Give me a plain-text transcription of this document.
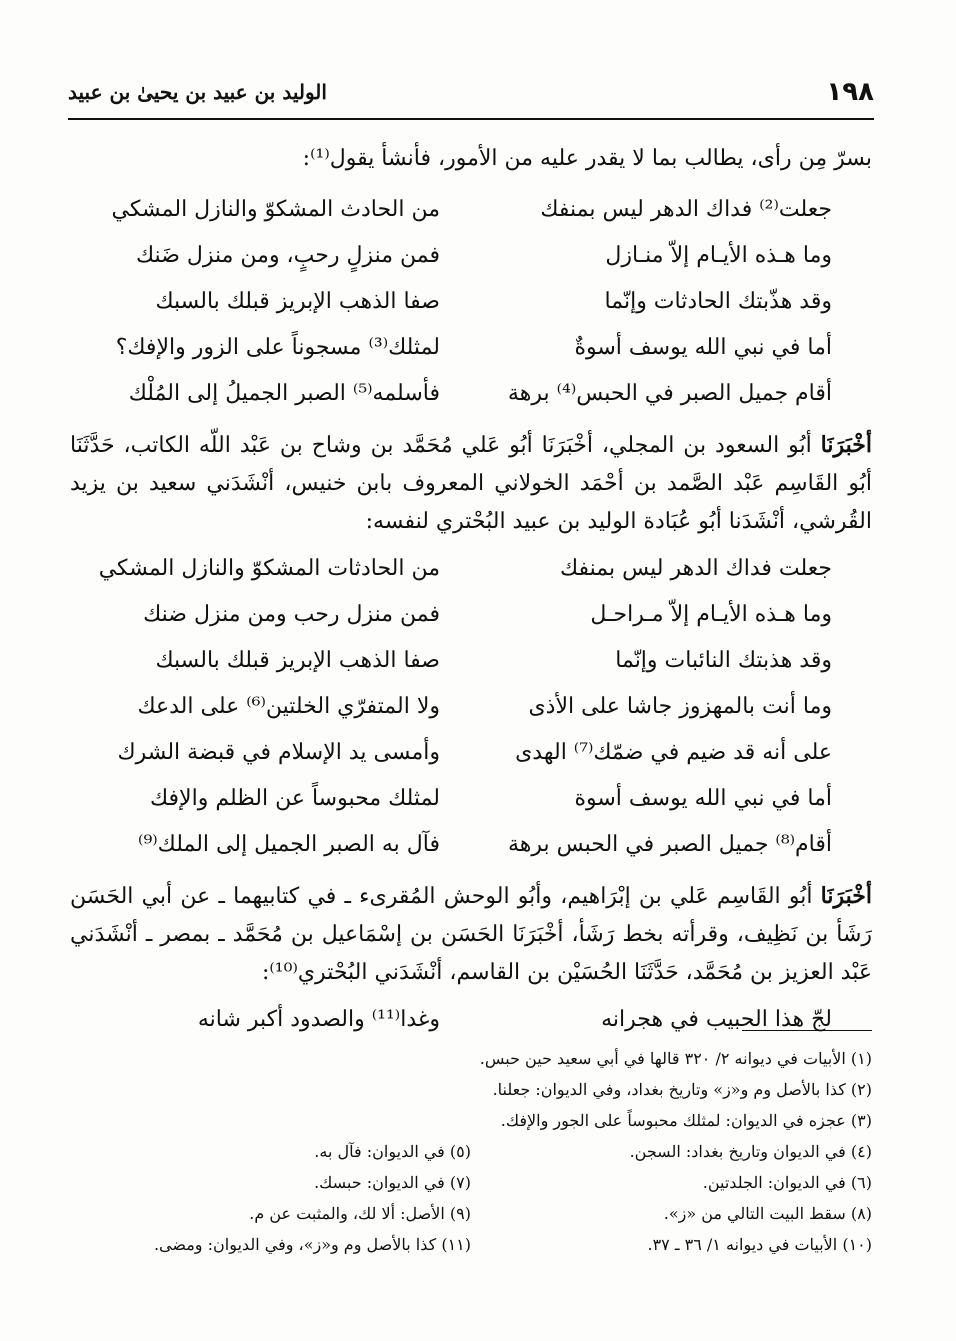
١٩٨
الوليد بن عبيد بن يحيىٰ بن عبيد

بسرّ مِن رأى، يطالب بما لا يقدر عليه من الأمور، فأنشأ يقول⁽¹⁾:

جعلت⁽²⁾ فداك الدهر ليس بمنفك
من الحادث المشكوّ والنازل المشكي
وما هـذه الأيـام إلاّ منـازل
فمن منزلٍ رحبٍ، ومن منزل ضَنك
وقد هذّبتك الحادثات وإنّما
صفا الذهب الإبريز قبلك بالسبك
أما في نبي الله يوسف أسوةٌ
لمثلك⁽³⁾ مسجوناً على الزور والإفك؟
أقام جميل الصبر في الحبس⁽⁴⁾ برهة
فأسلمه⁽⁵⁾ الصبر الجميلُ إلى المُلْك

أخْبَرَنَا أبُو السعود بن المجلي، أخْبَرَنَا أبُو عَلي مُحَمَّد بن وشاح بن عَبْد اللّه الكاتب، حَدَّثَنَا أبُو القَاسِم عَبْد الصَّمد بن أحْمَد الخولاني المعروف بابن خنيس، أنْشَدَني سعيد بن يزيد القُرشي، أنْشَدَنا أبُو عُبَادة الوليد بن عبيد البُحْتري لنفسه:

جعلت فداك الدهر ليس بمنفك
من الحادثات المشكوّ والنازل المشكي
وما هـذه الأيـام إلاّ مـراحـل
فمن منزل رحب ومن منزل ضنك
وقد هذبتك النائبات وإنّما
صفا الذهب الإبريز قبلك بالسبك
وما أنت بالمهزوز جاشا على الأذى
ولا المتفرّي الخلتين⁽⁶⁾ على الدعك
على أنه قد ضيم في ضمّك⁽⁷⁾ الهدى
وأمسى يد الإسلام في قبضة الشرك
أما في نبي الله يوسف أسوة
لمثلك محبوساً عن الظلم والإفك
أقام⁽⁸⁾ جميل الصبر في الحبس برهة
فآل به الصبر الجميل إلى الملك⁽⁹⁾

أخْبَرَنَا أبُو القَاسِم عَلي بن إبْرَاهيم، وأبُو الوحش المُقرىء ـ في كتابيهما ـ عن أبي الحَسَن رَشَأ بن نَظِيف، وقرأته بخط رَشَأ، أخْبَرَنَا الحَسَن بن إسْمَاعيل بن مُحَمَّد ـ بمصر ـ أنْشَدَني عَبْد العزيز بن مُحَمَّد، حَدَّثَنَا الحُسَيْن بن القاسم، أنْشَدَني البُحْتري⁽¹⁰⁾:

لجّ هذا الحبيب في هجرانه
وغدا⁽¹¹⁾ والصدود أكبر شانه
(١) الأبيات في ديوانه ٢/ ٣٢٠ قالها في أبي سعيد حين حبس.
(٢) كذا بالأصل وم و«ز» وتاريخ بغداد، وفي الديوان: جعلنا.
(٣) عجزه في الديوان: لمثلك محبوساً على الجور والإفك.
(٤) في الديوان وتاريخ بغداد: السجن.
(٥) في الديوان: فآل به.
(٦) في الديوان: الجلدتين.
(٧) في الديوان: حبسك.
(٨) سقط البيت التالي من «ز».
(٩) الأصل: ألا لك، والمثبت عن م.
(١٠) الأبيات في ديوانه ١/ ٣٦ ـ ٣٧.
(١١) كذا بالأصل وم و«ز»، وفي الديوان: ومضى.
